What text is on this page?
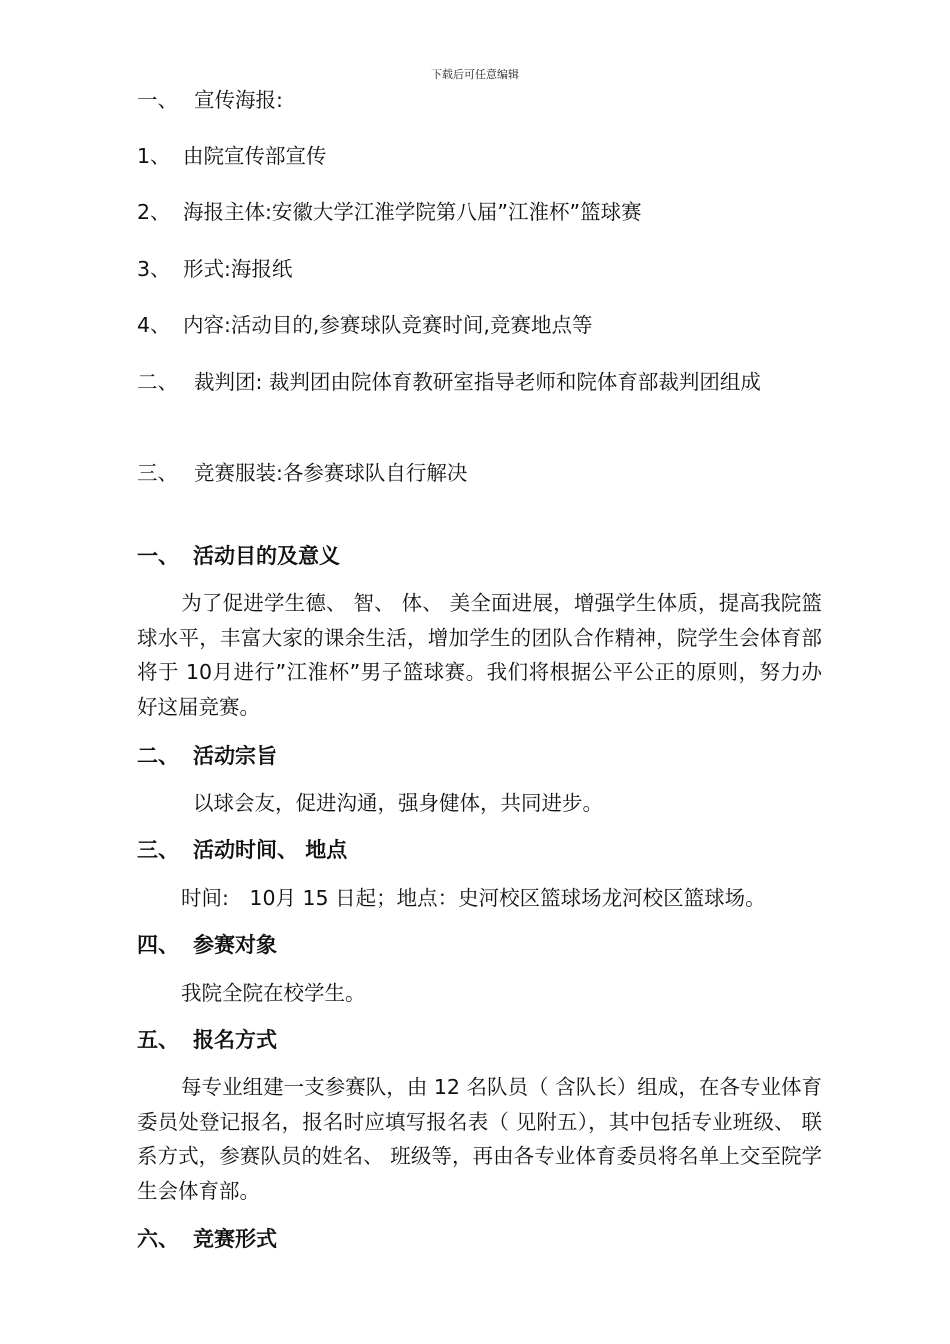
下载后可任意编辑
一、 宣传海报:
1、 由院宣传部宣传
2、 海报主体:安徽大学江淮学院第八届”江淮杯”篮球赛
3、 形式:海报纸
4、 内容:活动目的,参赛球队竞赛时间,竞赛地点等
二、 裁判团: 裁判团由院体育教研室指导老师和院体育部裁判团组成
三、 竞赛服装:各参赛球队自行解决
一、 活动目的及意义

为了促进学生德、 智、 体、 美全面进展，增强学生体质，提高我院篮球水平，丰富大家的课余生活，增加学生的团队合作精神，院学生会体育部将于 10月进行”江淮杯”男子篮球赛。我们将根据公平公正的原则，努力办好这届竞赛。

二、 活动宗旨

以球会友，促进沟通，强身健体，共同进步。

三、 活动时间、 地点

时间:　10月 15 日起；地点：史河校区篮球场龙河校区篮球场。

四、 参赛对象

我院全院在校学生。

五、 报名方式

每专业组建一支参赛队，由 12 名队员（ 含队长）组成，在各专业体育委员处登记报名，报名时应填写报名表（ 见附五），其中包括专业班级、 联系方式，参赛队员的姓名、 班级等，再由各专业体育委员将名单上交至院学生会体育部。

六、 竞赛形式
